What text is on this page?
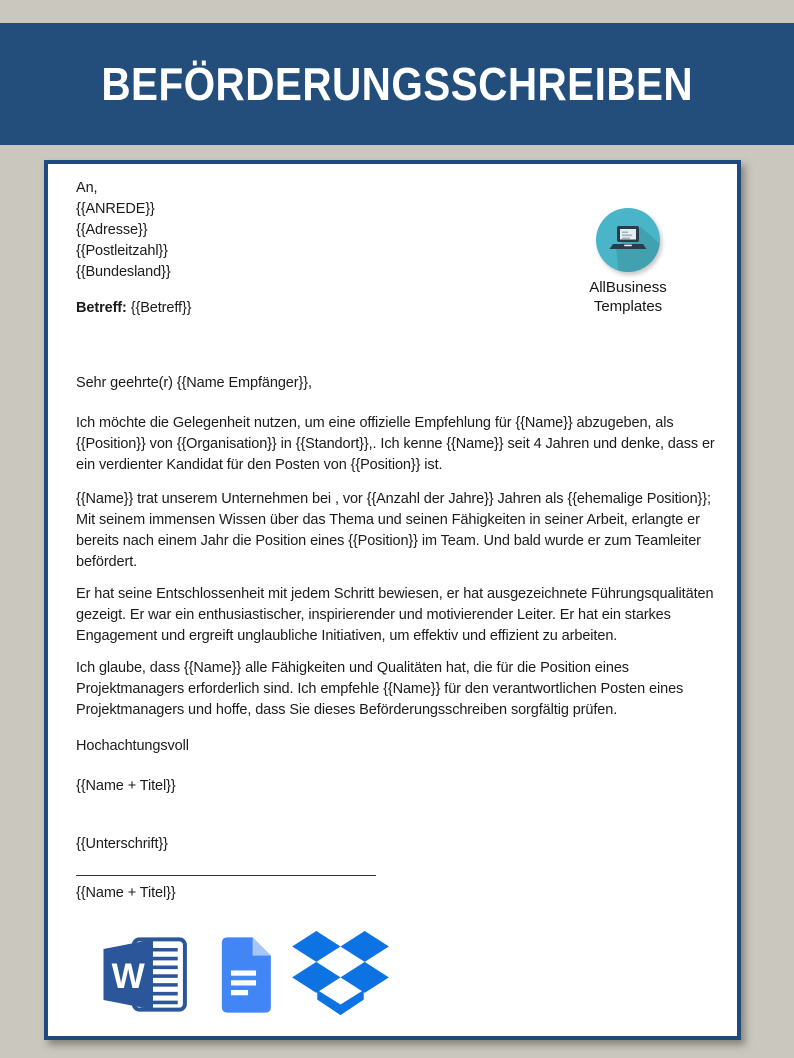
BEFÖRDERUNGSSCHREIBEN
AllBusiness
Templates
An,
{{ANREDE}}
{{Adresse}}
{{Postleitzahl}}
{{Bundesland}}
Betreff: {{Betreff}}
Sehr geehrte(r) {{Name Empfänger}},

Ich möchte die Gelegenheit nutzen, um eine offizielle Empfehlung für {{Name}} abzugeben, als {{Position}} von {{Organisation}} in {{Standort}},. Ich kenne {{Name}} seit 4 Jahren und denke, dass er ein verdienter Kandidat für den Posten von {{Position}} ist.

{{Name}} trat unserem Unternehmen bei , vor {{Anzahl der Jahre}} Jahren als {{ehemalige Position}}; Mit seinem immensen Wissen über das Thema und seinen Fähigkeiten in seiner Arbeit, erlangte er bereits nach einem Jahr die Position eines {{Position}} im Team. Und bald wurde er zum Teamleiter befördert.

Er hat seine Entschlossenheit mit jedem Schritt bewiesen, er hat ausgezeichnete Führungsqualitäten gezeigt. Er war ein enthusiastischer, inspirierender und motivierender Leiter. Er hat ein starkes Engagement und ergreift unglaubliche Initiativen, um effektiv und effizient zu arbeiten.

Ich glaube, dass {{Name}} alle Fähigkeiten und Qualitäten hat, die für die Position eines Projektmanagers erforderlich sind. Ich empfehle {{Name}} für den verantwortlichen Posten eines Projektmanagers und hoffe, dass Sie dieses Beförderungsschreiben sorgfältig prüfen.

Hochachtungsvoll
{{Name + Titel}}
{{Unterschrift}}
{{Name + Titel}}
W
